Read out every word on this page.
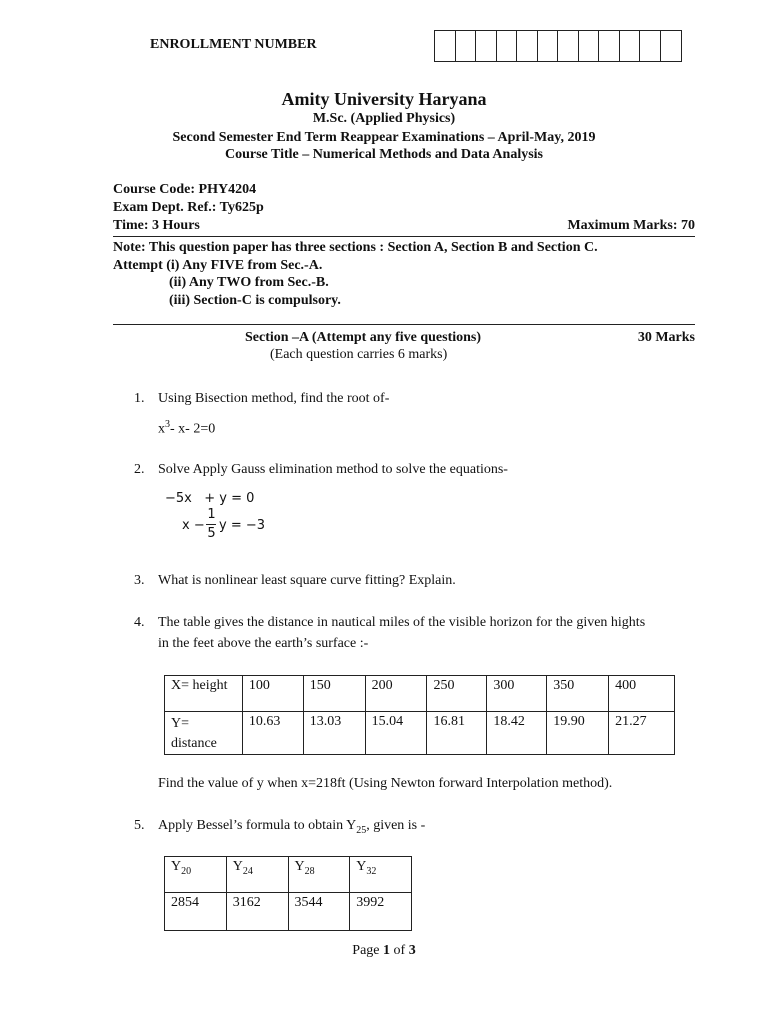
ENROLLMENT NUMBER
Amity University Haryana
M.Sc. (Applied Physics)
Second Semester End Term Reappear Examinations – April-May, 2019
Course Title – Numerical Methods and Data Analysis
Course Code: PHY4204
Exam Dept. Ref.: Ty625p
Time: 3 Hours	Maximum Marks: 70
Note: This question paper has three sections : Section A, Section B and Section C.
Attempt (i) Any FIVE from Sec.-A.
(ii) Any TWO from Sec.-B.
(iii) Section-C is compulsory.
Section –A (Attempt any five questions)	30 Marks
(Each question carries 6 marks)
1. Using Bisection method, find the root of-
$x^3-$ x- 2=0
2. Solve Apply Gauss elimination method to solve the equations-
−5x   + y = 0
x −
1
5
y = −3
3. What is nonlinear least square curve fitting? Explain.
4. The table gives the distance in nautical miles of the visible horizon for the given hights
in the feet above the earth’s surface :-
X= height	100	150	200	250	300	350	400
Y= distance	10.63	13.03	15.04	16.81	18.42	19.90	21.27
Find the value of y when x=218ft (Using Newton forward Interpolation method).
5. Apply Bessel’s formula to obtain $Y_{25}$, given is -
$Y_{20}$	$Y_{24}$	$Y_{28}$	$Y_{32}$
2854	3162	3544	3992
Page 1 of 3
